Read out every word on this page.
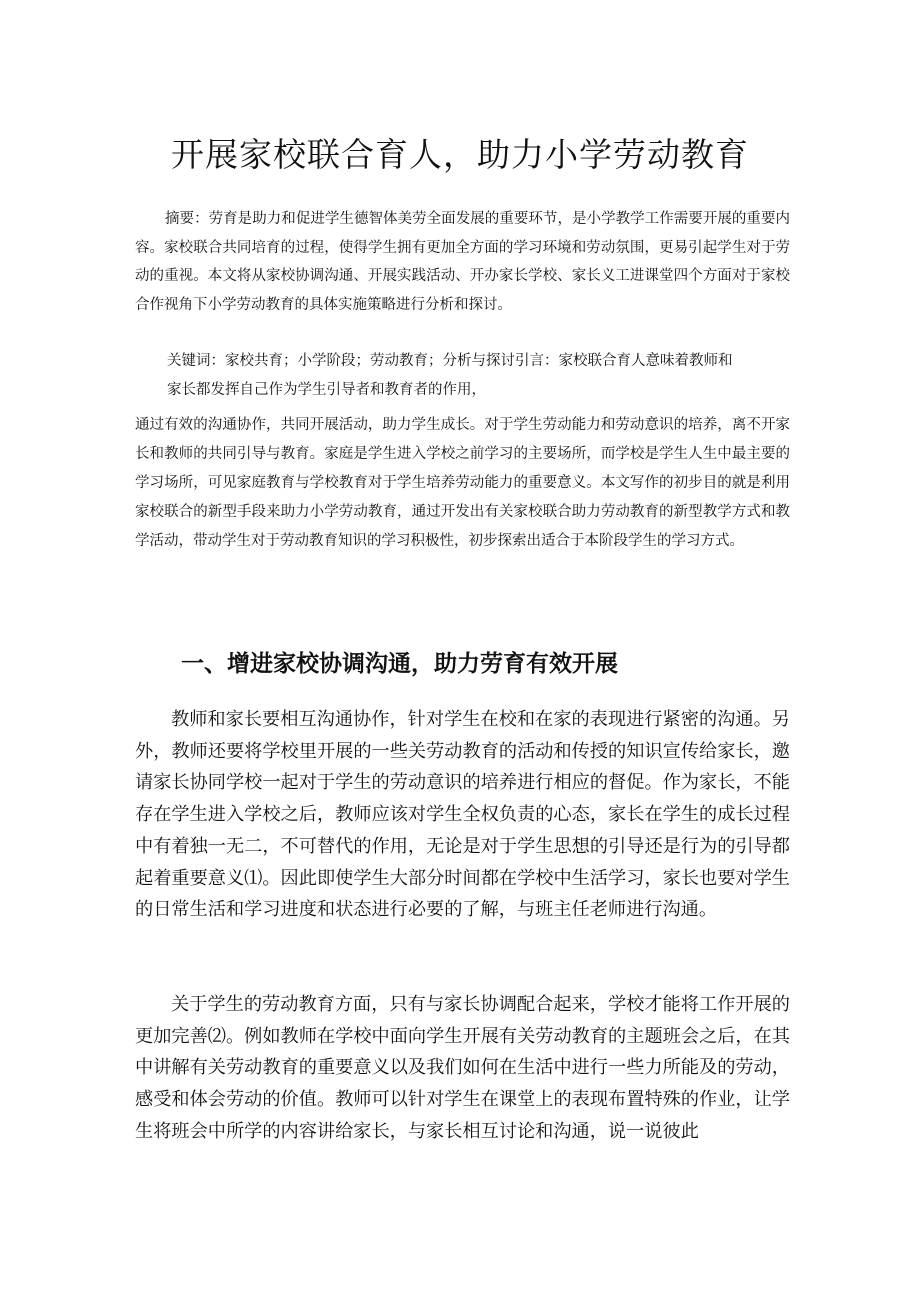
开展家校联合育人，助力小学劳动教育

摘要：劳育是助力和促进学生德智体美劳全面发展的重要环节，是小学教学工作需要开展的重要内容。家校联合共同培育的过程，使得学生拥有更加全方面的学习环境和劳动氛围，更易引起学生对于劳动的重视。本文将从家校协调沟通、开展实践活动、开办家长学校、家长义工进课堂四个方面对于家校合作视角下小学劳动教育的具体实施策略进行分析和探讨。

关键词：家校共育；小学阶段；劳动教育；分析与探讨引言：家校联合育人意味着教师和
家长都发挥自己作为学生引导者和教育者的作用，

通过有效的沟通协作，共同开展活动，助力学生成长。对于学生劳动能力和劳动意识的培养，离不开家长和教师的共同引导与教育。家庭是学生进入学校之前学习的主要场所，而学校是学生人生中最主要的学习场所，可见家庭教育与学校教育对于学生培养劳动能力的重要意义。本文写作的初步目的就是利用家校联合的新型手段来助力小学劳动教育，通过开发出有关家校联合助力劳动教育的新型教学方式和教学活动，带动学生对于劳动教育知识的学习积极性，初步探索出适合于本阶段学生的学习方式。

一、增进家校协调沟通，助力劳育有效开展

教师和家长要相互沟通协作，针对学生在校和在家的表现进行紧密的沟通。另外，教师还要将学校里开展的一些关劳动教育的活动和传授的知识宣传给家长，邀请家长协同学校一起对于学生的劳动意识的培养进行相应的督促。作为家长，不能存在学生进入学校之后，教师应该对学生全权负责的心态，家长在学生的成长过程中有着独一无二，不可替代的作用，无论是对于学生思想的引导还是行为的引导都起着重要意义⑴。因此即使学生大部分时间都在学校中生活学习，家长也要对学生的日常生活和学习进度和状态进行必要的了解，与班主任老师进行沟通。

关于学生的劳动教育方面，只有与家长协调配合起来，学校才能将工作开展的更加完善⑵。例如教师在学校中面向学生开展有关劳动教育的主题班会之后，在其中讲解有关劳动教育的重要意义以及我们如何在生活中进行一些力所能及的劳动，感受和体会劳动的价值。教师可以针对学生在课堂上的表现布置特殊的作业，让学生将班会中所学的内容讲给家长，与家长相互讨论和沟通，说一说彼此
